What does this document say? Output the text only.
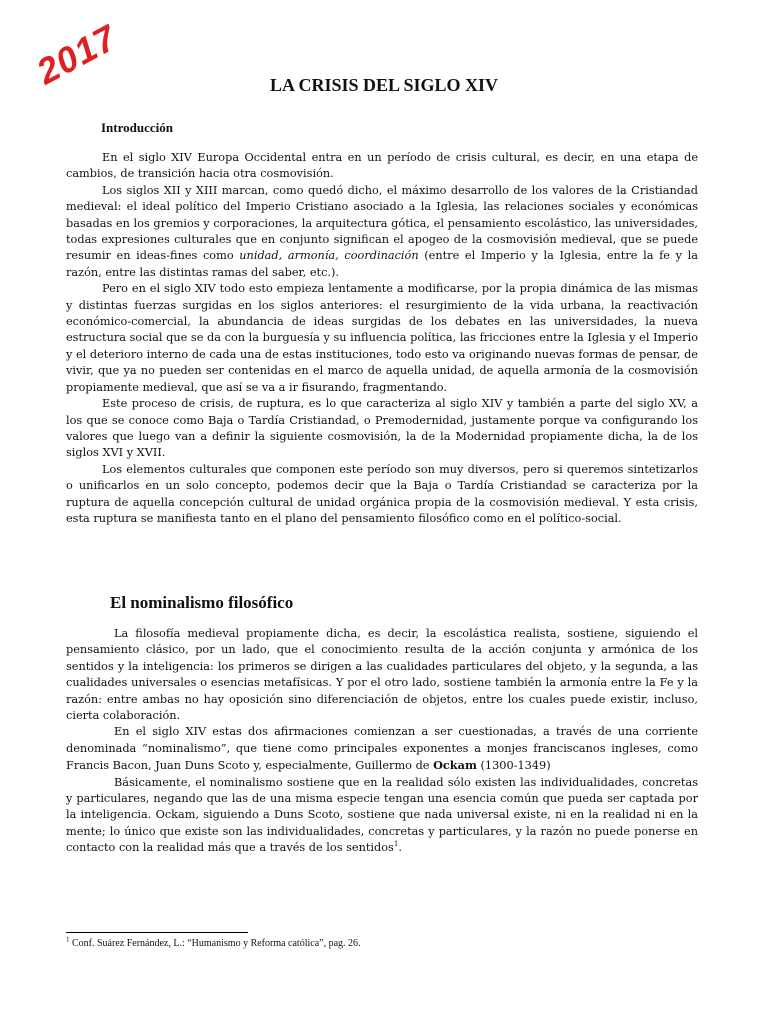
2017	LA CRISIS DEL SIGLO XIV
Introducción

En el siglo XIV Europa Occidental entra en un período de crisis cultural, es decir, en una etapa de cambios, de transición hacia otra cosmovisión.

Los siglos XII y XIII marcan, como quedó dicho, el máximo desarrollo de los valores de la Cristiandad medieval: el ideal político del Imperio Cristiano asociado a la Iglesia, las relaciones sociales y económicas basadas en los gremios y corporaciones, la arquitectura gótica, el pensamiento escolástico, las universidades, todas expresiones culturales que en conjunto significan el apogeo de la cosmovisión medieval, que se puede resumir en ideas-fines como unidad, armonía, coordinación (entre el Imperio y la Iglesia, entre la fe y la razón, entre las distintas ramas del saber, etc.).

Pero en el siglo XIV todo esto empieza lentamente a modificarse, por la propia dinámica de las mismas y distintas fuerzas surgidas en los siglos anteriores: el resurgimiento de la vida urbana, la reactivación económico-comercial, la abundancia de ideas surgidas de los debates en las universidades, la nueva estructura social que se da con la burguesía y su influencia política, las fricciones entre la Iglesia y el Imperio y el deterioro interno de cada una de estas instituciones, todo esto va originando nuevas formas de pensar, de vivir, que ya no pueden ser contenidas en el marco de aquella unidad, de aquella armonía de la cosmovisión propiamente medieval, que así se va a ir fisurando, fragmentando.

Este proceso de crisis, de ruptura, es lo que caracteriza al siglo XIV y también a parte del siglo XV, a los que se conoce como Baja o Tardía Cristiandad, o Premodernidad, justamente porque va configurando los valores que luego van a definir la siguiente cosmovisión, la de la Modernidad propiamente dicha, la de los siglos XVI y XVII.

Los elementos culturales que componen este período son muy diversos, pero si queremos sintetizarlos o unificarlos en un solo concepto, podemos decir que la Baja o Tardía Cristiandad se caracteriza por la ruptura de aquella concepción cultural de unidad orgánica propia de la cosmovisión medieval. Y esta crisis, esta ruptura se manifiesta tanto en el plano del pensamiento filosófico como en el político-social.

El nominalismo filosófico

La filosofía medieval propiamente dicha, es decir, la escolástica realista, sostiene, siguiendo el pensamiento clásico, por un lado, que el conocimiento resulta de la acción conjunta y armónica de los sentidos y la inteligencia: los primeros se dirigen a las cualidades particulares del objeto, y la segunda, a las cualidades universales o esencias metafísicas. Y por el otro lado, sostiene también la armonía entre la Fe y la razón: entre ambas no hay oposición sino diferenciación de objetos, entre los cuales puede existir, incluso, cierta colaboración.

En el siglo XIV estas dos afirmaciones comienzan a ser cuestionadas, a través de una corriente denominada “nominalismo”, que tiene como principales exponentes a monjes franciscanos ingleses, como Francis Bacon, Juan Duns Scoto y, especialmente, Guillermo de Ockam (1300-1349)

Básicamente, el nominalismo sostiene que en la realidad sólo existen las individualidades, concretas y particulares, negando que las de una misma especie tengan una esencia común que pueda ser captada por la inteligencia. Ockam, siguiendo a Duns Scoto, sostiene que nada universal existe, ni en la realidad ni en la mente; lo único que existe son las individualidades, concretas y particulares, y la razón no puede ponerse en contacto con la realidad más que a través de los sentidos$^1$.

$^1$ Conf. Suárez Fernández, L.: “Humanismo y Reforma católica”, pag. 26.
